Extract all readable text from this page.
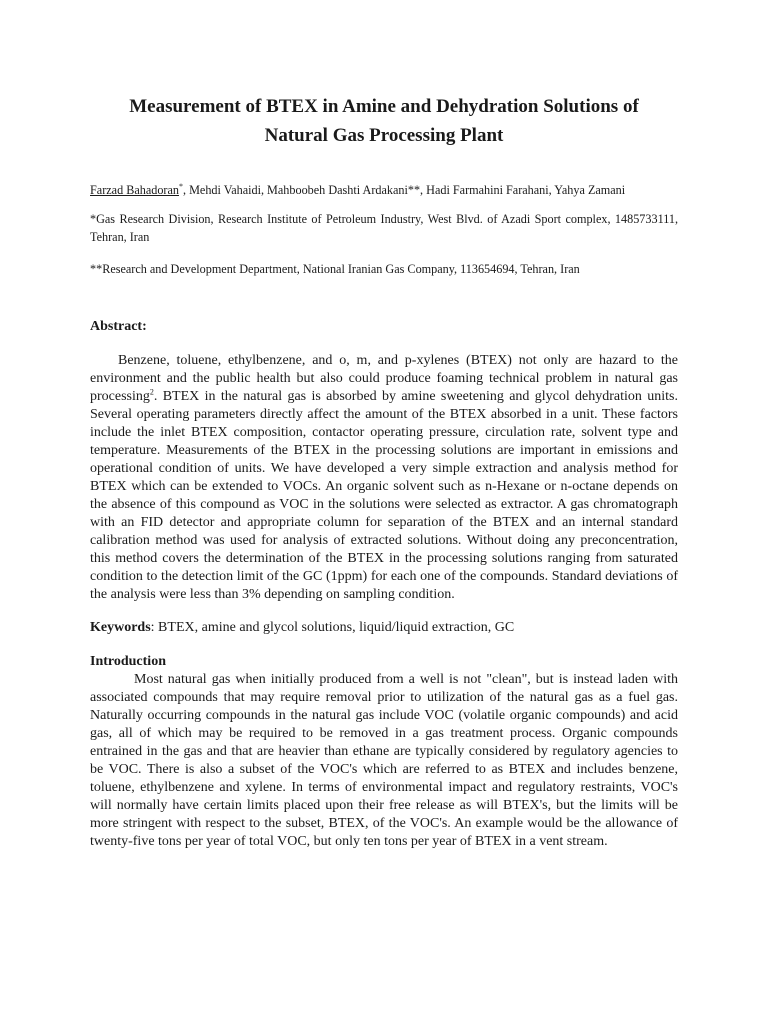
Measurement of BTEX in Amine and Dehydration Solutions of
Natural Gas Processing Plant

Farzad Bahadoran*, Mehdi Vahaidi, Mahboobeh Dashti Ardakani**, Hadi Farmahini Farahani, Yahya Zamani

*Gas Research Division, Research Institute of Petroleum Industry, West Blvd. of Azadi Sport complex, 1485733111, Tehran, Iran

**Research and Development Department, National Iranian Gas Company, 113654694, Tehran, Iran

Abstract:

Benzene, toluene, ethylbenzene, and o, m, and p-xylenes (BTEX) not only are hazard to the environment and the public health but also could produce foaming technical problem in natural gas processing$^2$. BTEX in the natural gas is absorbed by amine sweetening and glycol dehydration units. Several operating parameters directly affect the amount of the BTEX absorbed in a unit. These factors include the inlet BTEX composition, contactor operating pressure, circulation rate, solvent type and temperature. Measurements of the BTEX in the processing solutions are important in emissions and operational condition of units. We have developed a very simple extraction and analysis method for BTEX which can be extended to VOCs. An organic solvent such as n-Hexane or n-octane depends on the absence of this compound as VOC in the solutions were selected as extractor. A gas chromatograph with an FID detector and appropriate column for separation of the BTEX and an internal standard calibration method was used for analysis of extracted solutions. Without doing any preconcentration, this method covers the determination of the BTEX in the processing solutions ranging from saturated condition to the detection limit of the GC (1ppm) for each one of the compounds. Standard deviations of the analysis were less than 3% depending on sampling condition.

Keywords: BTEX, amine and glycol solutions, liquid/liquid extraction, GC

Introduction

Most natural gas when initially produced from a well is not "clean", but is instead laden with associated compounds that may require removal prior to utilization of the natural gas as a fuel gas. Naturally occurring compounds in the natural gas include VOC (volatile organic compounds) and acid gas, all of which may be required to be removed in a gas treatment process. Organic compounds entrained in the gas and that are heavier than ethane are typically considered by regulatory agencies to be VOC. There is also a subset of the VOC's which are referred to as BTEX and includes benzene, toluene, ethylbenzene and xylene. In terms of environmental impact and regulatory restraints, VOC's will normally have certain limits placed upon their free release as will BTEX's, but the limits will be more stringent with respect to the subset, BTEX, of the VOC's. An example would be the allowance of twenty-five tons per year of total VOC, but only ten tons per year of BTEX in a vent stream.
